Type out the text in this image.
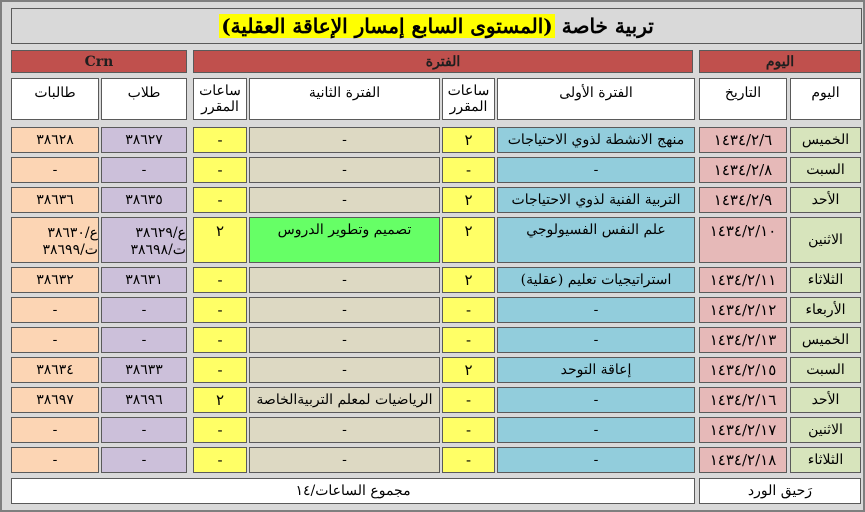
تربية خاصة (المستوى السابع إمسار الإعاقة العقلية)
اليوم
الفترة
Crn
اليوم
التاريخ
الفترة الأولى
ساعات المقرر
الفترة الثانية
ساعات المقرر
طلاب
طالبات
الخميس
١٤٣٤/٢/٦
منهج الانشطة لذوي الاحتياجات
٢
-
-
٣٨٦٢٧
٣٨٦٢٨
السبت
١٤٣٤/٢/٨
-
-
-
-
-
-
الأحد
١٤٣٤/٢/٩
التربية الفنية لذوي الاحتياجات
٢
-
-
٣٨٦٣٥
٣٨٦٣٦
الاثنين
١٤٣٤/٢/١٠
علم النفس الفسيولوجي
٢
تصميم وتطوير الدروس
٢
ع/٣٨٦٢٩
ت/٣٨٦٩٨
ع/٣٨٦٣٠
ت/٣٨٦٩٩
الثلاثاء
١٤٣٤/٢/١١
استراتيجيات تعليم (عقلية)
٢
-
-
٣٨٦٣١
٣٨٦٣٢
الأربعاء
١٤٣٤/٢/١٢
-
-
-
-
-
-
الخميس
١٤٣٤/٢/١٣
-
-
-
-
-
-
السبت
١٤٣٤/٢/١٥
إعاقة التوحد
٢
-
-
٣٨٦٣٣
٣٨٦٣٤
الأحد
١٤٣٤/٢/١٦
-
-
الرياضيات لمعلم التربيةالخاصة
٢
٣٨٦٩٦
٣٨٦٩٧
الاثنين
١٤٣٤/٢/١٧
-
-
-
-
-
-
الثلاثاء
١٤٣٤/٢/١٨
-
-
-
-
-
-
رَحيق الورد
مجموع الساعات/١٤
